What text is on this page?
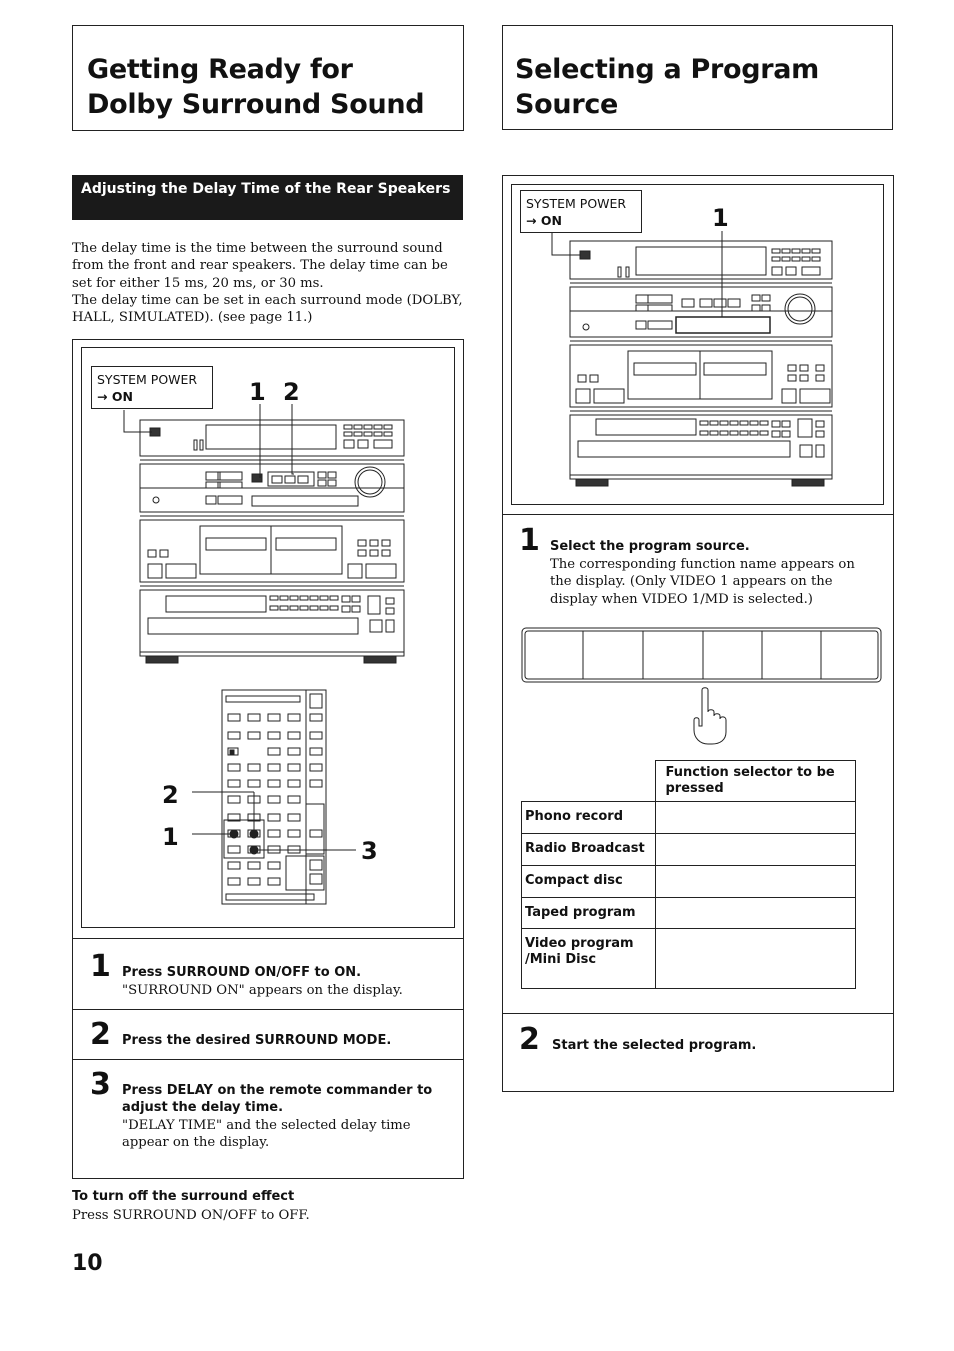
Getting Ready for Dolby Surround Sound
Selecting a Program Source
Adjusting the Delay Time of the Rear Speakers
The delay time is the time between the surround sound from the front and rear speakers. The delay time can be set for either 15 ms, 20 ms, or 30 ms.
The delay time can be set in each surround mode (DOLBY, HALL, SIMULATED). (see page 11.)
SYSTEM POWER
→ ON	1 2
2
1	3
1 Press SURROUND ON/OFF to ON.
"SURROUND ON" appears on the display.
2 Press the desired SURROUND MODE.
3 Press DELAY on the remote commander to adjust the delay time.
"DELAY TIME" and the selected delay time appear on the display.
To turn off the surround effect
Press SURROUND ON/OFF to OFF.
10
SYSTEM POWER
→ ON	1
1 Select the program source.
The corresponding function name appears on the display. (Only VIDEO 1 appears on the display when VIDEO 1/MD is selected.)
	Function selector to be pressed
Phono record	
Radio Broadcast	
Compact disc	
Taped program	
Video program /Mini Disc	
2 Start the selected program.
